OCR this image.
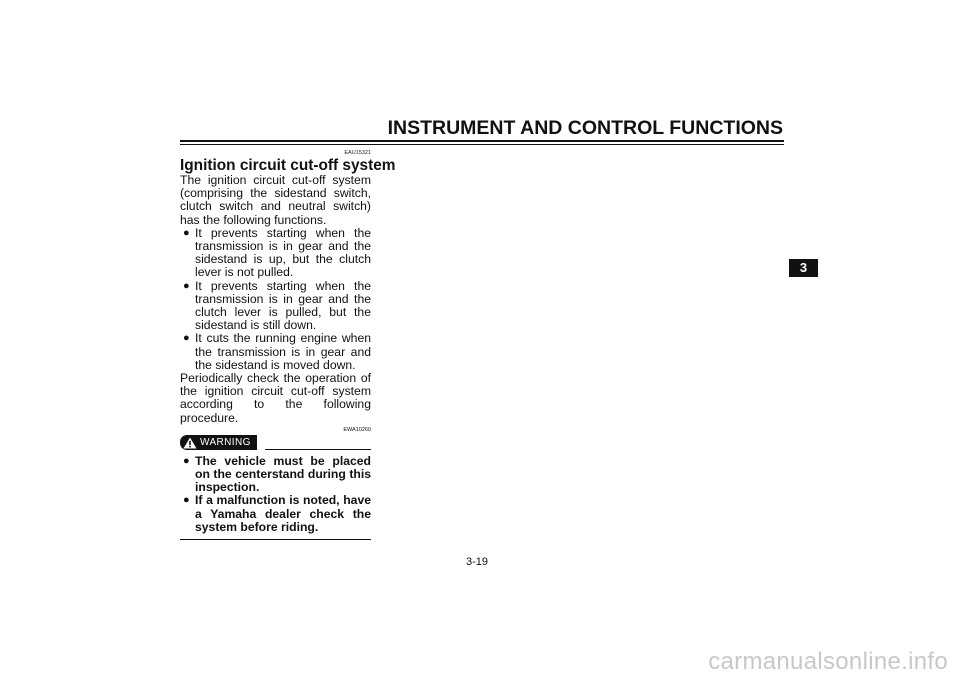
INSTRUMENT AND CONTROL FUNCTIONS
3
EAU15321
Ignition circuit cut-off system

The ignition circuit cut-off system (comprising the sidestand switch, clutch switch and neutral switch) has the following functions.

● It prevents starting when the transmission is in gear and the sidestand is up, but the clutch lever is not pulled.
● It prevents starting when the transmission is in gear and the clutch lever is pulled, but the sidestand is still down.
● It cuts the running engine when the transmission is in gear and the sidestand is moved down.

Periodically check the operation of the ignition circuit cut-off system according to the following procedure.

EWA10260
WARNING
● The vehicle must be placed on the centerstand during this inspection.
● If a malfunction is noted, have a Yamaha dealer check the system before riding.
3-19
carmanualsonline.info
